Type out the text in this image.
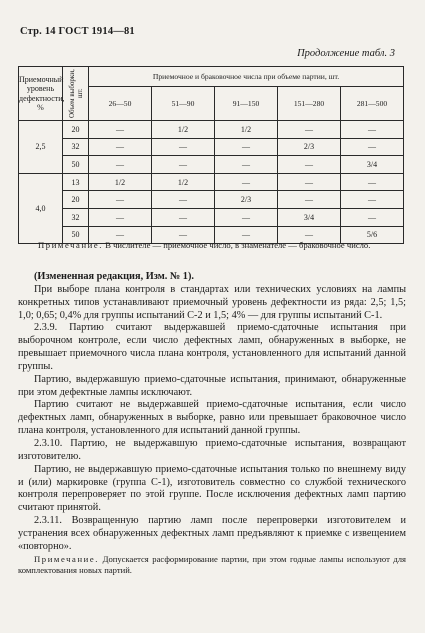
Стр. 14 ГОСТ 1914—81
Продолжение табл. 3
Приемочный уровень дефектности, %	Объем выборки, шт.	Приемочное и браковочное числа при объеме партии, шт.				
		26—50	51—90	91—150	151—280	281—500
2,5	20	—	1/2	1/2	—	—
	32	—	—	—	2/3	—
	50	—	—	—	—	3/4
4,0	13	1/2	1/2	—	—	—
	20	—	—	2/3	—	—
	32	—	—	—	3/4	—
	50	—	—	—	—	5/6
Примечание. В числителе — приемочное число, в знаменателе — браковочное число.

(Измененная редакция, Изм. № 1).

При выборе плана контроля в стандартах или технических условиях на лампы конкретных типов устанавливают приемочный уровень дефектности из ряда: 2,5; 1,5; 1,0; 0,65; 0,4% для группы испытаний С-2 и 1,5; 4% — для группы испытаний С-1.

2.3.9. Партию считают выдержавшей приемо-сдаточные испытания при выборочном контроле, если число дефектных ламп, обнаруженных в выборке, не превышает приемочного числа плана контроля, установленного для испытаний данной группы.

Партию, выдержавшую приемо-сдаточные испытания, принимают, обнаруженные при этом дефектные лампы исключают.

Партию считают не выдержавшей приемо-сдаточные испытания, если число дефектных ламп, обнаруженных в выборке, равно или превышает браковочное число плана контроля, установленного для испытаний данной группы.

2.3.10. Партию, не выдержавшую приемо-сдаточные испытания, возвращают изготовителю.

Партию, не выдержавшую приемо-сдаточные испытания только по внешнему виду и (или) маркировке (группа С-1), изготовитель совместно со службой технического контроля перепроверяет по этой группе. После исключения дефектных ламп партию считают принятой.

2.3.11. Возвращенную партию ламп после перепроверки изготовителем и устранения всех обнаруженных дефектных ламп предъявляют к приемке с извещением «повторно».

Примечание. Допускается расформирование партии, при этом годные лампы используют для комплектования новых партий.
